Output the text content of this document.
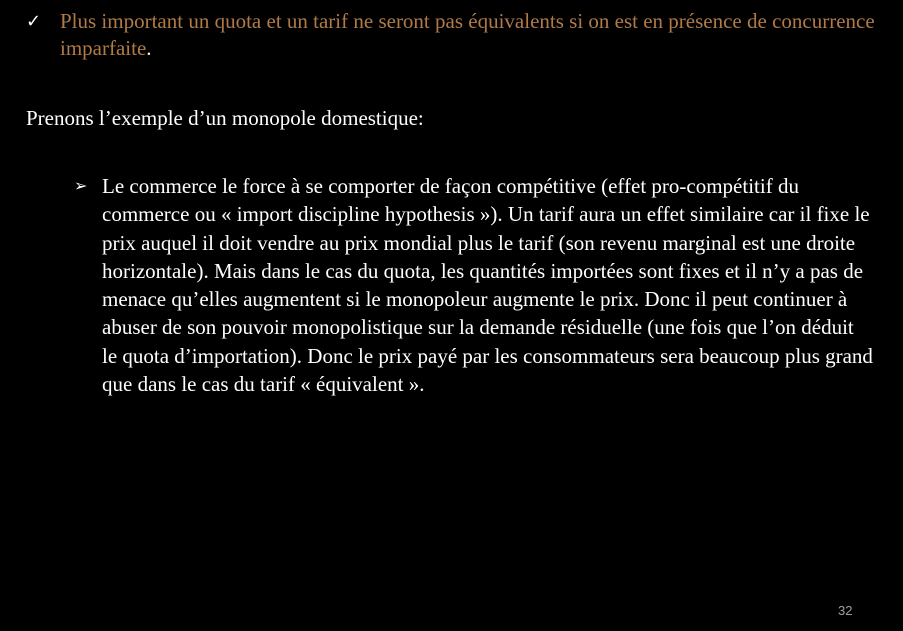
✓ Plus important un quota et un tarif ne seront pas équivalents si on est en présence de concurrence imparfaite.
Prenons l’exemple d’un monopole domestique:
➢ Le commerce le force à se comporter de façon compétitive (effet pro-compétitif du commerce ou « import discipline hypothesis »). Un tarif aura un effet similaire car il fixe le prix auquel il doit vendre au prix mondial plus le tarif (son revenu marginal est une droite horizontale). Mais dans le cas du quota, les quantités importées sont fixes et il n’y a pas de menace qu’elles augmentent si le monopoleur augmente le prix. Donc il peut continuer à abuser de son pouvoir monopolistique sur la demande résiduelle (une fois que l’on déduit le quota d’importation). Donc le prix payé par les consommateurs sera beaucoup plus grand que dans le cas du tarif « équivalent ».
32
